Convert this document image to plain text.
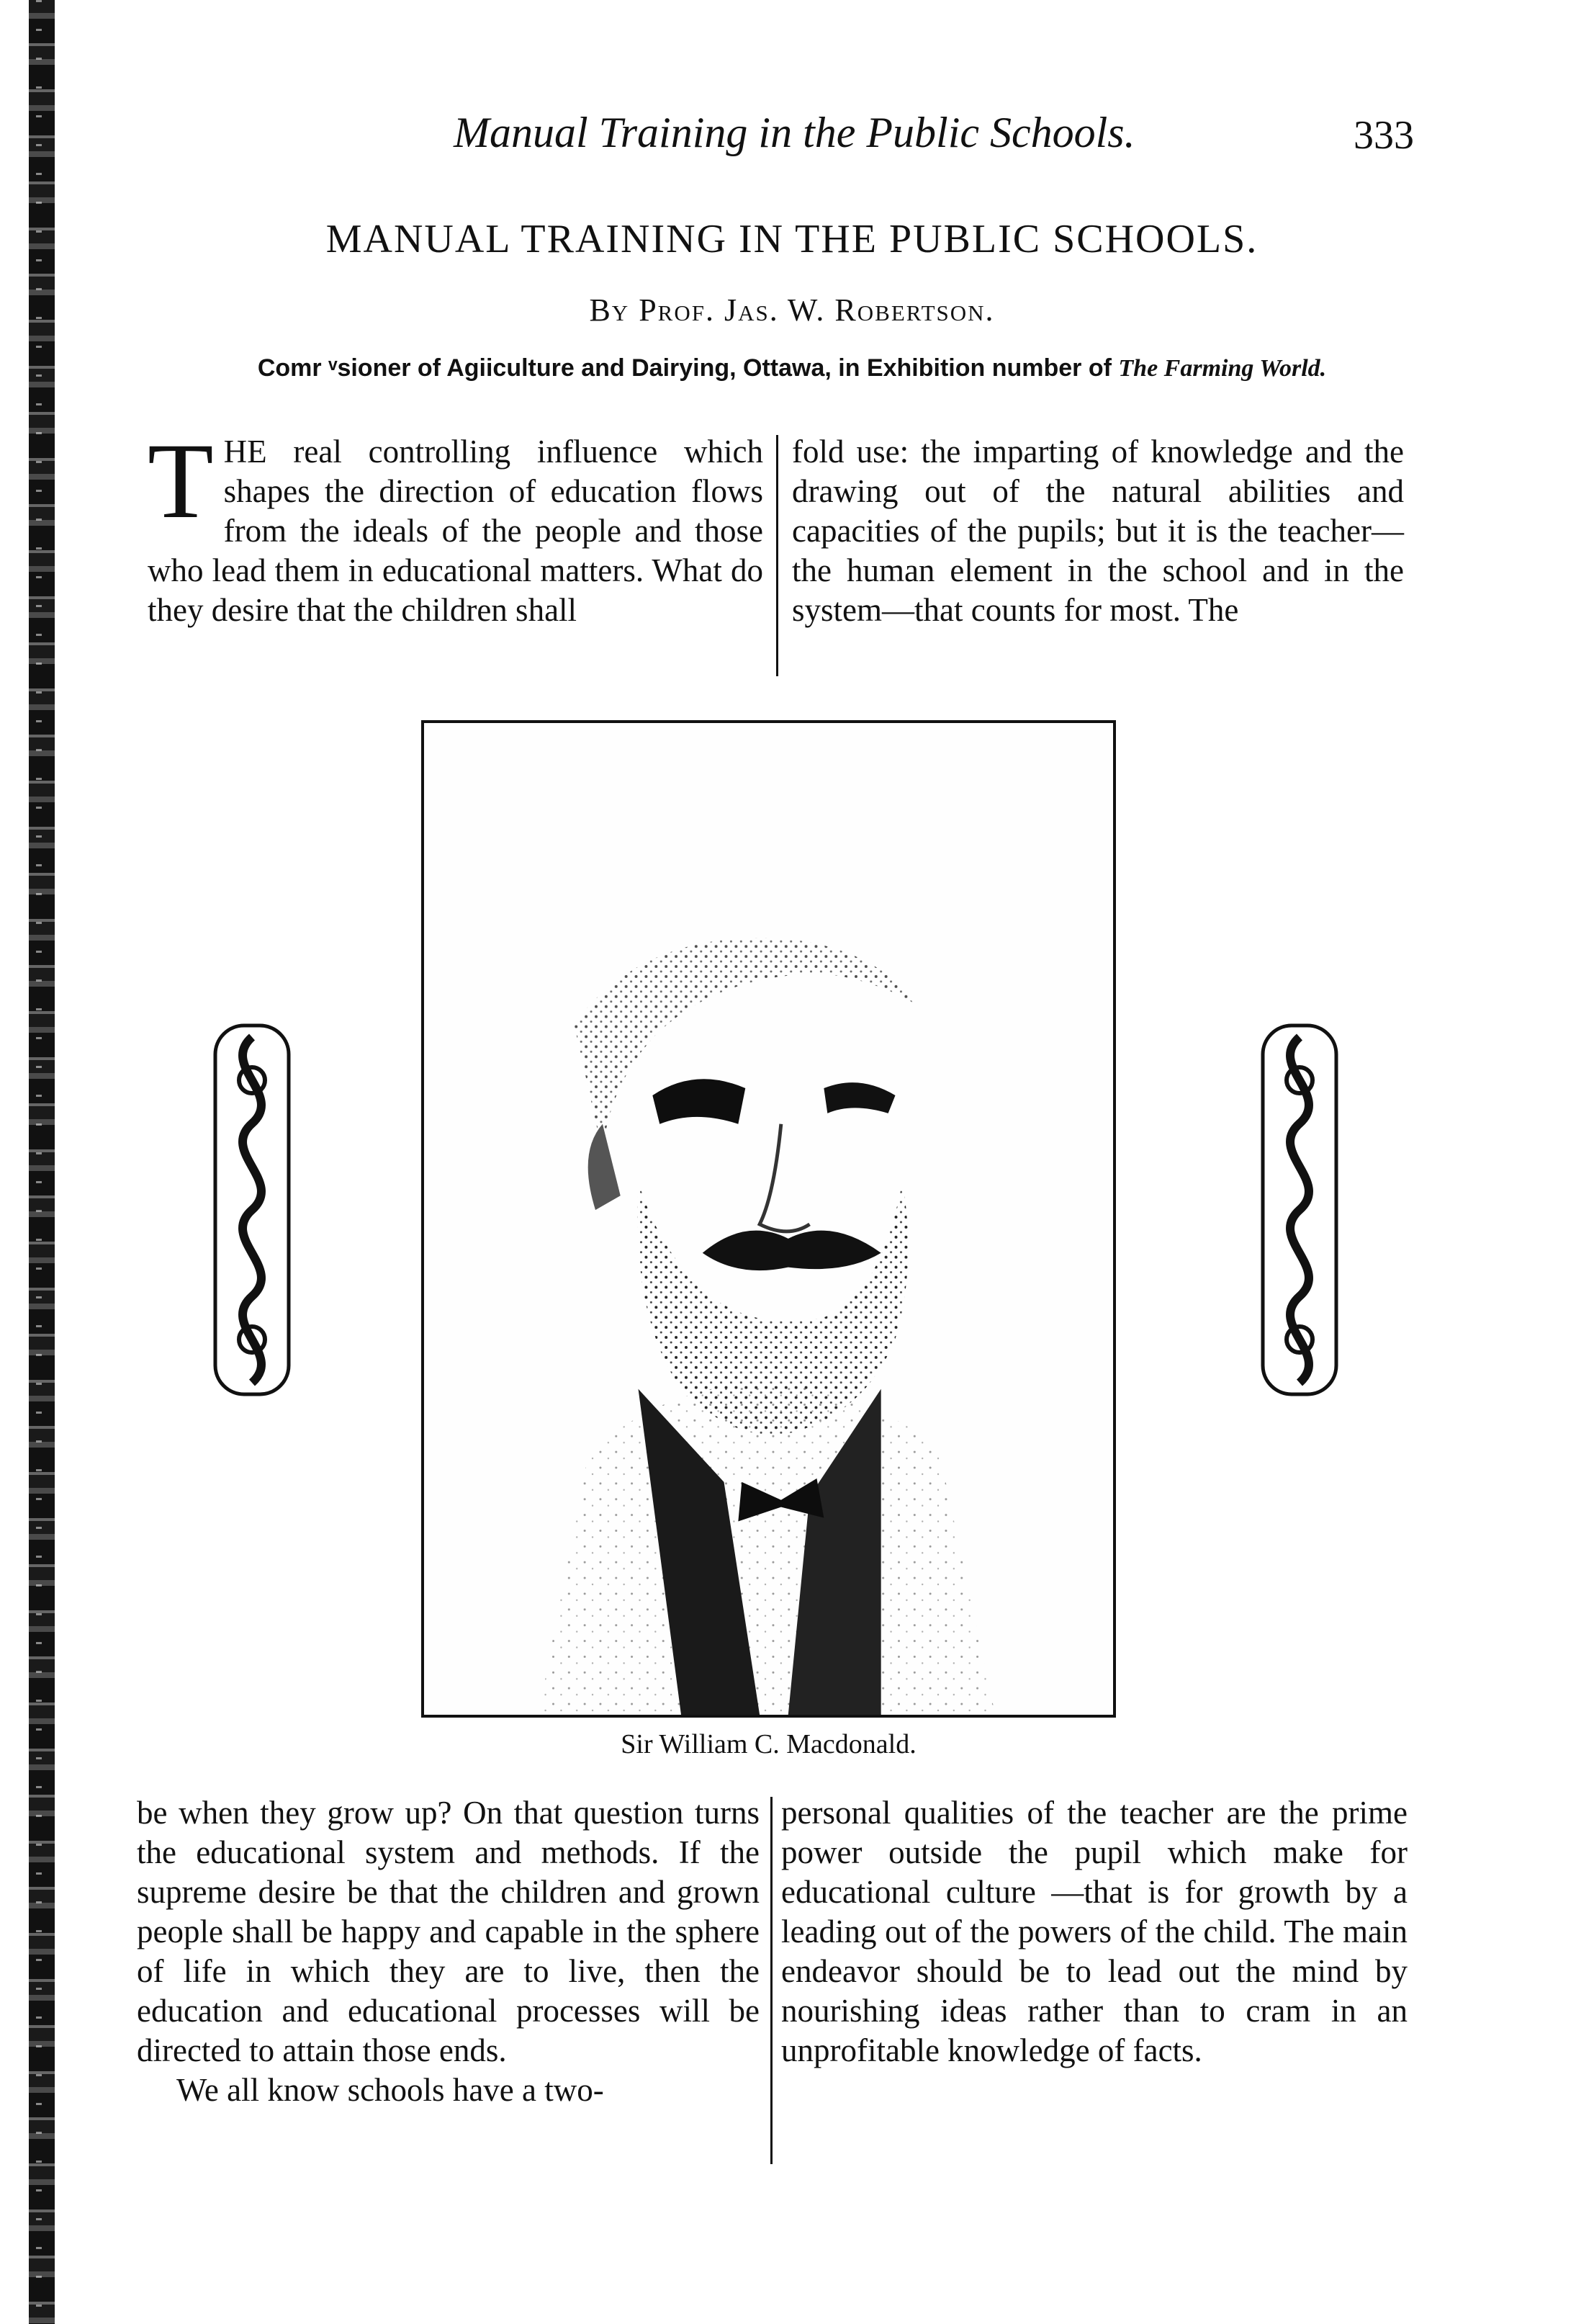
Manual Training in the Public Schools.	333
MANUAL TRAINING IN THE PUBLIC SCHOOLS.
By Prof. Jas. W. Robertson.
Comr ⁠ᵛsioner of Agiiculture and Dairying, Ottawa, in Exhibition number of The Farming World.

THE real controlling influence which shapes the direction of education flows from the ideals of the people and those who lead them in educational matters. What do they desire that the children shall

fold use: the imparting of knowledge and the drawing out of the natural abilities and capacities of the pupils; but it is the teacher—the human element in the school and in the system—that counts for most. The

Sir William C. Macdonald.

be when they grow up? On that question turns the educational system and methods. If the supreme desire be that the children and grown people shall be happy and capable in the sphere of life in which they are to live, then the education and educational processes will be directed to attain those ends.

We all know schools have a two-

personal qualities of the teacher are the prime power outside the pupil which make for educational culture —that is for growth by a leading out of the powers of the child. The main endeavor should be to lead out the mind by nourishing ideas rather than to cram in an unprofitable knowledge of facts.
